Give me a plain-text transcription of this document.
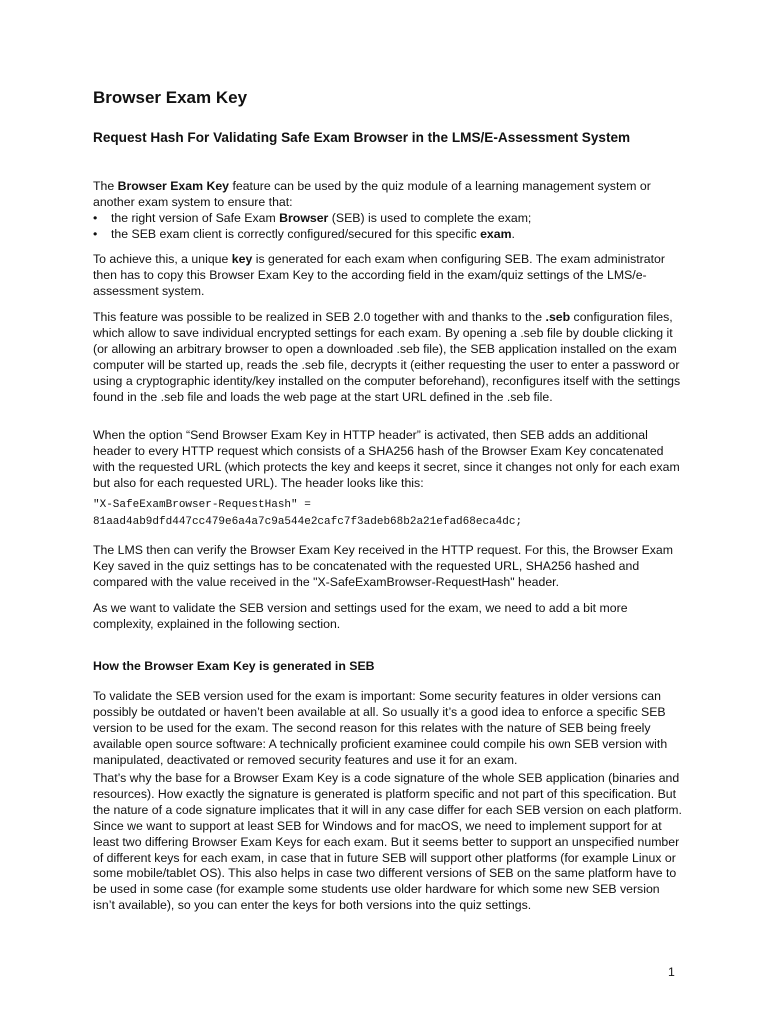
Browser Exam Key
Request Hash For Validating Safe Exam Browser in the LMS/E-Assessment System

The Browser Exam Key feature can be used by the quiz module of a learning management system or another exam system to ensure that:

• the right version of Safe Exam Browser (SEB) is used to complete the exam;
• the SEB exam client is correctly configured/secured for this specific exam.

To achieve this, a unique key is generated for each exam when configuring SEB. The exam administrator then has to copy this Browser Exam Key to the according field in the exam/quiz settings of the LMS/e-assessment system.

This feature was possible to be realized in SEB 2.0 together with and thanks to the .seb configuration files, which allow to save individual encrypted settings for each exam. By opening a .seb file by double clicking it (or allowing an arbitrary browser to open a downloaded .seb file), the SEB application installed on the exam computer will be started up, reads the .seb file, decrypts it (either requesting the user to enter a password or using a cryptographic identity/key installed on the computer beforehand), reconfigures itself with the settings found in the .seb file and loads the web page at the start URL defined in the .seb file.

When the option “Send Browser Exam Key in HTTP header” is activated, then SEB adds an additional header to every HTTP request which consists of a SHA256 hash of the Browser Exam Key concatenated with the requested URL (which protects the key and keeps it secret, since it changes not only for each exam but also for each requested URL). The header looks like this:

"X-SafeExamBrowser-RequestHash" =
81aad4ab9dfd447cc479e6a4a7c9a544e2cafc7f3adeb68b2a21efad68eca4dc;

The LMS then can verify the Browser Exam Key received in the HTTP request. For this, the Browser Exam Key saved in the quiz settings has to be concatenated with the requested URL, SHA256 hashed and compared with the value received in the "X-SafeExamBrowser-RequestHash" header.

As we want to validate the SEB version and settings used for the exam, we need to add a bit more complexity, explained in the following section.

How the Browser Exam Key is generated in SEB

To validate the SEB version used for the exam is important: Some security features in older versions can possibly be outdated or haven’t been available at all. So usually it’s a good idea to enforce a specific SEB version to be used for the exam. The second reason for this relates with the nature of SEB being freely available open source software: A technically proficient examinee could compile his own SEB version with manipulated, deactivated or removed security features and use it for an exam.

That’s why the base for a Browser Exam Key is a code signature of the whole SEB application (binaries and resources). How exactly the signature is generated is platform specific and not part of this specification. But the nature of a code signature implicates that it will in any case differ for each SEB version on each platform. Since we want to support at least SEB for Windows and for macOS, we need to implement support for at least two differing Browser Exam Keys for each exam. But it seems better to support an unspecified number of different keys for each exam, in case that in future SEB will support other platforms (for example Linux or some mobile/tablet OS). This also helps in case two different versions of SEB on the same platform have to be used in some case (for example some students use older hardware for which some new SEB version isn’t available), so you can enter the keys for both versions into the quiz settings.

1
